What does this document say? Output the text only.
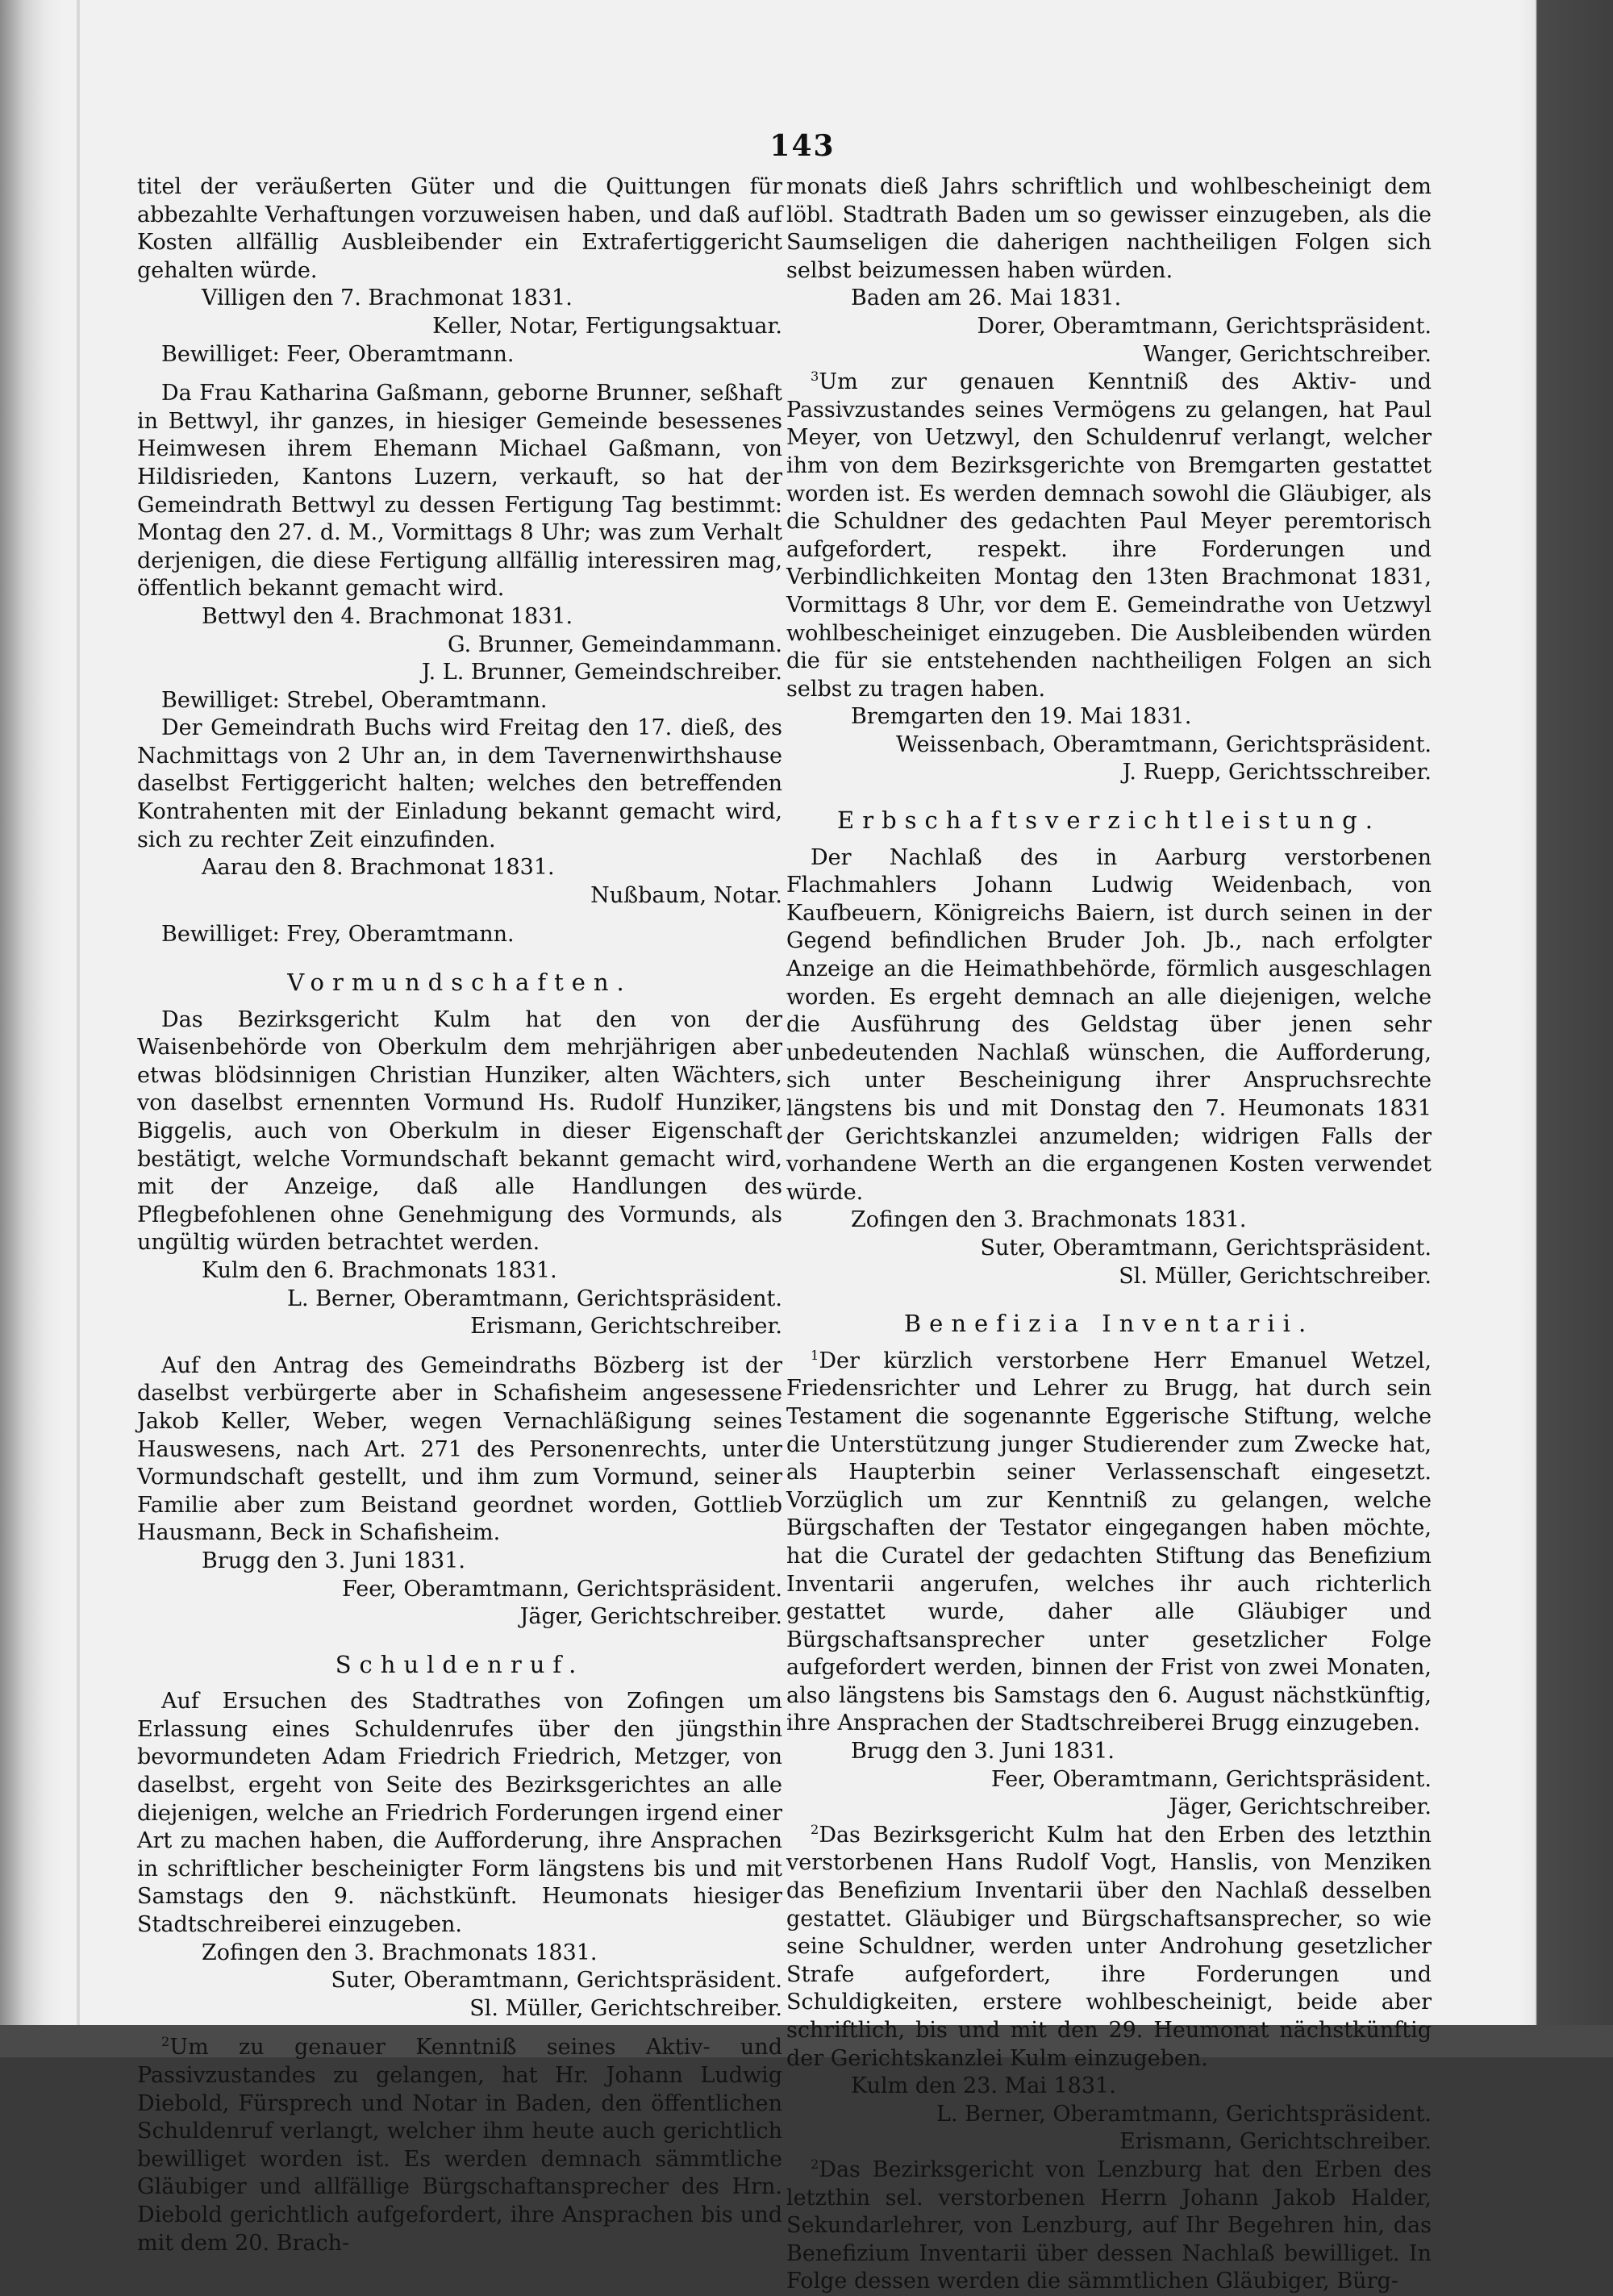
143

titel der veräußerten Güter und die Quittungen für abbezahlte Verhaftungen vorzuweisen haben, und daß auf Kosten allfällig Ausbleibender ein Extrafertiggericht gehalten würde.

Villigen den 7. Brachmonat 1831.

Keller, Notar, Fertigungsaktuar.

Bewilliget: Feer, Oberamtmann.

Da Frau Katharina Gaßmann, geborne Brunner, seßhaft in Bettwyl, ihr ganzes, in hiesiger Gemeinde besessenes Heimwesen ihrem Ehemann Michael Gaßmann, von Hildisrieden, Kantons Luzern, verkauft, so hat der Gemeindrath Bettwyl zu dessen Fertigung Tag bestimmt: Montag den 27. d. M., Vormittags 8 Uhr; was zum Verhalt derjenigen, die diese Fertigung allfällig interessiren mag, öffentlich bekannt gemacht wird.

Bettwyl den 4. Brachmonat 1831.

G. Brunner, Gemeindammann.

J. L. Brunner, Gemeindschreiber.

Bewilliget: Strebel, Oberamtmann.

Der Gemeindrath Buchs wird Freitag den 17. dieß, des Nachmittags von 2 Uhr an, in dem Tavernenwirthshause daselbst Fertiggericht halten; welches den betreffenden Kontrahenten mit der Einladung bekannt gemacht wird, sich zu rechter Zeit einzufinden.

Aarau den 8. Brachmonat 1831.

Nußbaum, Notar.

Bewilliget: Frey, Oberamtmann.

Vormundschaften.

Das Bezirksgericht Kulm hat den von der Waisenbehörde von Oberkulm dem mehrjährigen aber etwas blödsinnigen Christian Hunziker, alten Wächters, von daselbst ernennten Vormund Hs. Rudolf Hunziker, Biggelis, auch von Oberkulm in dieser Eigenschaft bestätigt, welche Vormundschaft bekannt gemacht wird, mit der Anzeige, daß alle Handlungen des Pflegbefohlenen ohne Genehmigung des Vormunds, als ungültig würden betrachtet werden.

Kulm den 6. Brachmonats 1831.

L. Berner, Oberamtmann, Gerichtspräsident.

Erismann, Gerichtschreiber.

Auf den Antrag des Gemeindraths Bözberg ist der daselbst verbürgerte aber in Schafisheim angesessene Jakob Keller, Weber, wegen Vernachläßigung seines Hauswesens, nach Art. 271 des Personenrechts, unter Vormundschaft gestellt, und ihm zum Vormund, seiner Familie aber zum Beistand geordnet worden, Gottlieb Hausmann, Beck in Schafisheim.

Brugg den 3. Juni 1831.

Feer, Oberamtmann, Gerichtspräsident.

Jäger, Gerichtschreiber.

Schuldenruf.

Auf Ersuchen des Stadtrathes von Zofingen um Erlassung eines Schuldenrufes über den jüngsthin bevormundeten Adam Friedrich Friedrich, Metzger, von daselbst, ergeht von Seite des Bezirksgerichtes an alle diejenigen, welche an Friedrich Forderungen irgend einer Art zu machen haben, die Aufforderung, ihre Ansprachen in schriftlicher bescheinigter Form längstens bis und mit Samstags den 9. nächstkünft. Heumonats hiesiger Stadtschreiberei einzugeben.

Zofingen den 3. Brachmonats 1831.

Suter, Oberamtmann, Gerichtspräsident.

Sl. Müller, Gerichtschreiber.

$^2$Um zu genauer Kenntniß seines Aktiv- und Passivzustandes zu gelangen, hat Hr. Johann Ludwig Diebold, Fürsprech und Notar in Baden, den öffentlichen Schuldenruf verlangt, welcher ihm heute auch gerichtlich bewilliget worden ist. Es werden demnach sämmtliche Gläubiger und allfällige Bürgschaftansprecher des Hrn. Diebold gerichtlich aufgefordert, ihre Ansprachen bis und mit dem 20. Brach-

monats dieß Jahrs schriftlich und wohlbescheinigt dem löbl. Stadtrath Baden um so gewisser einzugeben, als die Saumseligen die daherigen nachtheiligen Folgen sich selbst beizumessen haben würden.

Baden am 26. Mai 1831.

Dorer, Oberamtmann, Gerichtspräsident.

Wanger, Gerichtschreiber.

$^3$Um zur genauen Kenntniß des Aktiv- und Passivzustandes seines Vermögens zu gelangen, hat Paul Meyer, von Uetzwyl, den Schuldenruf verlangt, welcher ihm von dem Bezirksgerichte von Bremgarten gestattet worden ist. Es werden demnach sowohl die Gläubiger, als die Schuldner des gedachten Paul Meyer peremtorisch aufgefordert, respekt. ihre Forderungen und Verbindlichkeiten Montag den 13ten Brachmonat 1831, Vormittags 8 Uhr, vor dem E. Gemeindrathe von Uetzwyl wohlbescheiniget einzugeben. Die Ausbleibenden würden die für sie entstehenden nachtheiligen Folgen an sich selbst zu tragen haben.

Bremgarten den 19. Mai 1831.

Weissenbach, Oberamtmann, Gerichtspräsident.

J. Ruepp, Gerichtsschreiber.

Erbschaftsverzichtleistung.

Der Nachlaß des in Aarburg verstorbenen Flachmahlers Johann Ludwig Weidenbach, von Kaufbeuern, Königreichs Baiern, ist durch seinen in der Gegend befindlichen Bruder Joh. Jb., nach erfolgter Anzeige an die Heimathbehörde, förmlich ausgeschlagen worden. Es ergeht demnach an alle diejenigen, welche die Ausführung des Geldstag über jenen sehr unbedeutenden Nachlaß wünschen, die Aufforderung, sich unter Bescheinigung ihrer Anspruchsrechte längstens bis und mit Donstag den 7. Heumonats 1831 der Gerichtskanzlei anzumelden; widrigen Falls der vorhandene Werth an die ergangenen Kosten verwendet würde.

Zofingen den 3. Brachmonats 1831.

Suter, Oberamtmann, Gerichtspräsident.

Sl. Müller, Gerichtschreiber.

Benefizia Inventarii.

$^1$Der kürzlich verstorbene Herr Emanuel Wetzel, Friedensrichter und Lehrer zu Brugg, hat durch sein Testament die sogenannte Eggerische Stiftung, welche die Unterstützung junger Studierender zum Zwecke hat, als Haupterbin seiner Verlassenschaft eingesetzt. Vorzüglich um zur Kenntniß zu gelangen, welche Bürgschaften der Testator eingegangen haben möchte, hat die Curatel der gedachten Stiftung das Benefizium Inventarii angerufen, welches ihr auch richterlich gestattet wurde, daher alle Gläubiger und Bürgschaftsansprecher unter gesetzlicher Folge aufgefordert werden, binnen der Frist von zwei Monaten, also längstens bis Samstags den 6. August nächstkünftig, ihre Ansprachen der Stadtschreiberei Brugg einzugeben.

Brugg den 3. Juni 1831.

Feer, Oberamtmann, Gerichtspräsident.

Jäger, Gerichtschreiber.

$^2$Das Bezirksgericht Kulm hat den Erben des letzthin verstorbenen Hans Rudolf Vogt, Hanslis, von Menziken das Benefizium Inventarii über den Nachlaß desselben gestattet. Gläubiger und Bürgschaftsansprecher, so wie seine Schuldner, werden unter Androhung gesetzlicher Strafe aufgefordert, ihre Forderungen und Schuldigkeiten, erstere wohlbescheinigt, beide aber schriftlich, bis und mit den 29. Heumonat nächstkünftig der Gerichtskanzlei Kulm einzugeben.

Kulm den 23. Mai 1831.

L. Berner, Oberamtmann, Gerichtspräsident.

Erismann, Gerichtschreiber.

$^2$Das Bezirksgericht von Lenzburg hat den Erben des letzthin sel. verstorbenen Herrn Johann Jakob Halder, Sekundarlehrer, von Lenzburg, auf Ihr Begehren hin, das Benefizium Inventarii über dessen Nachlaß bewilliget. In Folge dessen werden die sämmtlichen Gläubiger, Bürg-
